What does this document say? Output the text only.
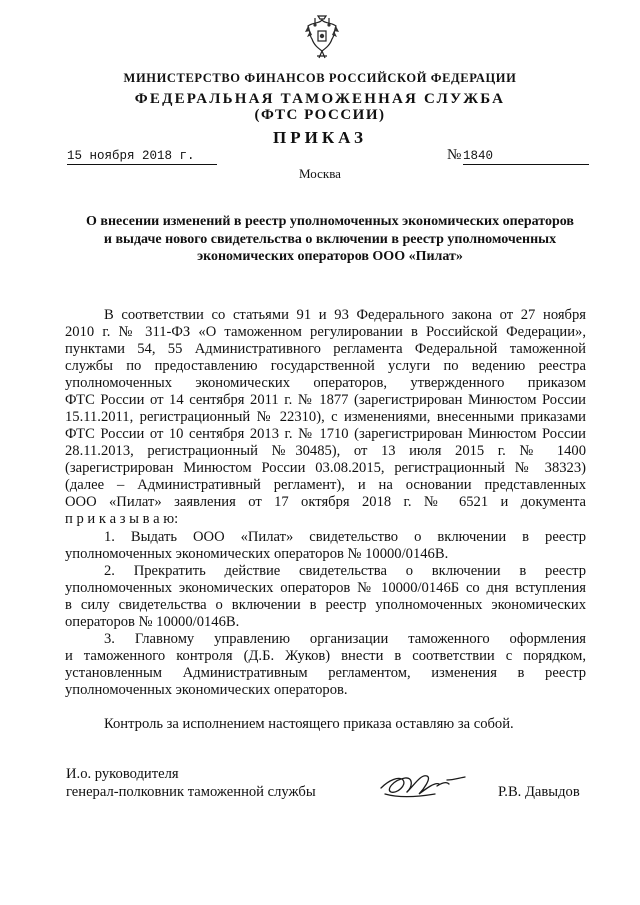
МИНИСТЕРСТВО ФИНАНСОВ РОССИЙСКОЙ ФЕДЕРАЦИИ
ФЕДЕРАЛЬНАЯ ТАМОЖЕННАЯ СЛУЖБА
(ФТС РОССИИ)
ПРИКАЗ
15 ноября 2018 г.	№ 1840
Москва
О внесении изменений в реестр уполномоченных экономических операторов
и выдаче нового свидетельства о включении в реестр уполномоченных
экономических операторов ООО «Пилат»
В соответствии со статьями 91 и 93 Федерального закона от 27 ноября
2010 г. № 311-ФЗ «О таможенном регулировании в Российской Федерации»,
пунктами 54, 55 Административного регламента Федеральной таможенной
службы по предоставлению государственной услуги по ведению реестра
уполномоченных экономических операторов, утвержденного приказом
ФТС России от 14 сентября 2011 г. № 1877 (зарегистрирован Минюстом России
15.11.2011, регистрационный № 22310), с изменениями, внесенными приказами
ФТС России от 10 сентября 2013 г. № 1710 (зарегистрирован Минюстом России
28.11.2013, регистрационный №30485), от 13 июля 2015 г. № 1400
(зарегистрирован Минюстом России 03.08.2015, регистрационный № 38323)
(далее – Административный регламент), и на основании представленных
ООО «Пилат» заявления от 17 октября 2018 г. № 6521 и документа
п р и к а з ы в а ю:
1. Выдать ООО «Пилат» свидетельство о включении в реестр
уполномоченных экономических операторов № 10000/0146В.
2. Прекратить действие свидетельства о включении в реестр
уполномоченных экономических операторов № 10000/0146Б со дня вступления
в силу свидетельства о включении в реестр уполномоченных экономических
операторов № 10000/0146В.
3. Главному управлению организации таможенного оформления
и таможенного контроля (Д.Б. Жуков) внести в соответствии с порядком,
установленным Административным регламентом, изменения в реестр
уполномоченных экономических операторов.
Контроль за исполнением настоящего приказа оставляю за собой.
И.о. руководителя
генерал-полковник таможенной службы	Р.В. Давыдов
